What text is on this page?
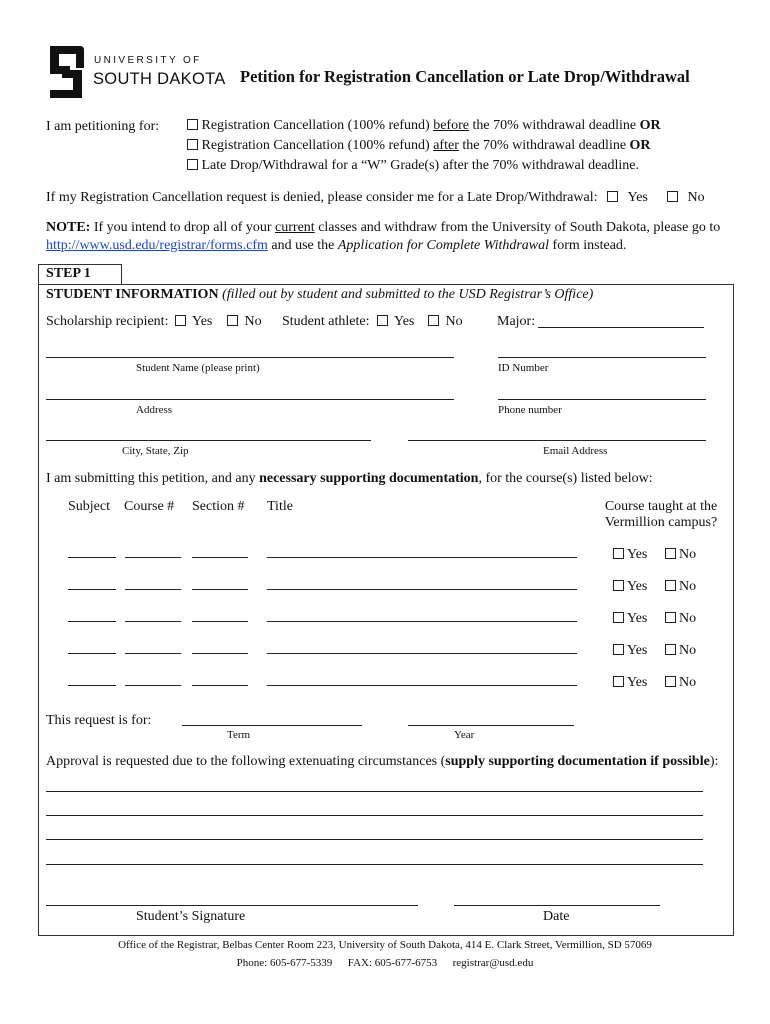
UNIVERSITY OF
SOUTH DAKOTA Petition for Registration Cancellation or Late Drop/Withdrawal
I am petitioning for:	Registration Cancellation (100% refund) before the 70% withdrawal deadline OR
Registration Cancellation (100% refund) after the 70% withdrawal deadline OR
Late Drop/Withdrawal for a “W” Grade(s) after the 70% withdrawal deadline.
If my Registration Cancellation request is denied, please consider me for a Late Drop/Withdrawal:	Yes	No
NOTE: If you intend to drop all of your current classes and withdraw from the University of South Dakota, please go to
http://www.usd.edu/registrar/forms.cfm and use the Application for Complete Withdrawal form instead.
STEP 1
STUDENT INFORMATION (filled out by student and submitted to the USD Registrar’s Office)
Scholarship recipient:	Yes	No Student athlete:	Yes	No Major:
Student Name (please print)	ID Number
Address	Phone number
City, State, Zip	Email Address
I am submitting this petition, and any necessary supporting documentation, for the course(s) listed below:
Subject Course # Section # Title	Course taught at the
Vermillion campus?
Yes	No
Yes	No
Yes	No
Yes	No
Yes	No
This request is for:
Term	Year
Approval is requested due to the following extenuating circumstances (supply supporting documentation if possible):
Student’s Signature	Date
Office of the Registrar, Belbas Center Room 223, University of South Dakota, 414 E. Clark Street, Vermillion, SD 57069
Phone: 605-677-5339 FAX: 605-677-6753 registrar@usd.edu
